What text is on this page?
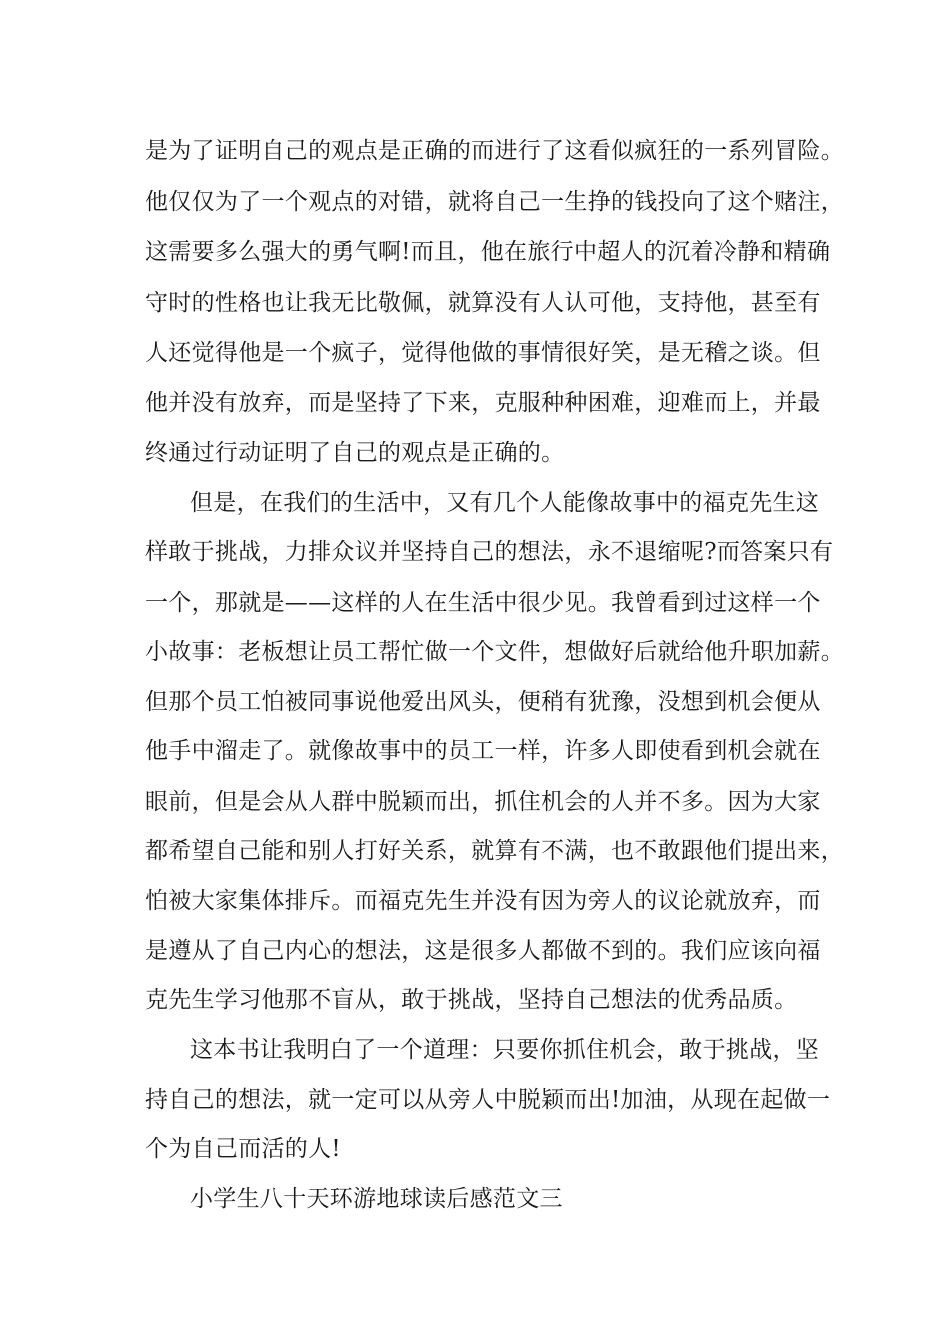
是为了证明自己的观点是正确的而进行了这看似疯狂的一系列冒险。
他仅仅为了一个观点的对错，就将自己一生挣的钱投向了这个赌注，
这需要多么强大的勇气啊!而且，他在旅行中超人的沉着冷静和精确
守时的性格也让我无比敬佩，就算没有人认可他，支持他，甚至有
人还觉得他是一个疯子，觉得他做的事情很好笑，是无稽之谈。但
他并没有放弃，而是坚持了下来，克服种种困难，迎难而上，并最
终通过行动证明了自己的观点是正确的。
但是，在我们的生活中，又有几个人能像故事中的福克先生这
样敢于挑战，力排众议并坚持自己的想法，永不退缩呢?而答案只有
一个，那就是——这样的人在生活中很少见。我曾看到过这样一个
小故事：老板想让员工帮忙做一个文件，想做好后就给他升职加薪。
但那个员工怕被同事说他爱出风头，便稍有犹豫，没想到机会便从
他手中溜走了。就像故事中的员工一样，许多人即使看到机会就在
眼前，但是会从人群中脱颖而出，抓住机会的人并不多。因为大家
都希望自己能和别人打好关系，就算有不满，也不敢跟他们提出来，
怕被大家集体排斥。而福克先生并没有因为旁人的议论就放弃，而
是遵从了自己内心的想法，这是很多人都做不到的。我们应该向福
克先生学习他那不盲从，敢于挑战，坚持自己想法的优秀品质。
这本书让我明白了一个道理：只要你抓住机会，敢于挑战，坚
持自己的想法，就一定可以从旁人中脱颖而出!加油，从现在起做一
个为自己而活的人!
小学生八十天环游地球读后感范文三
